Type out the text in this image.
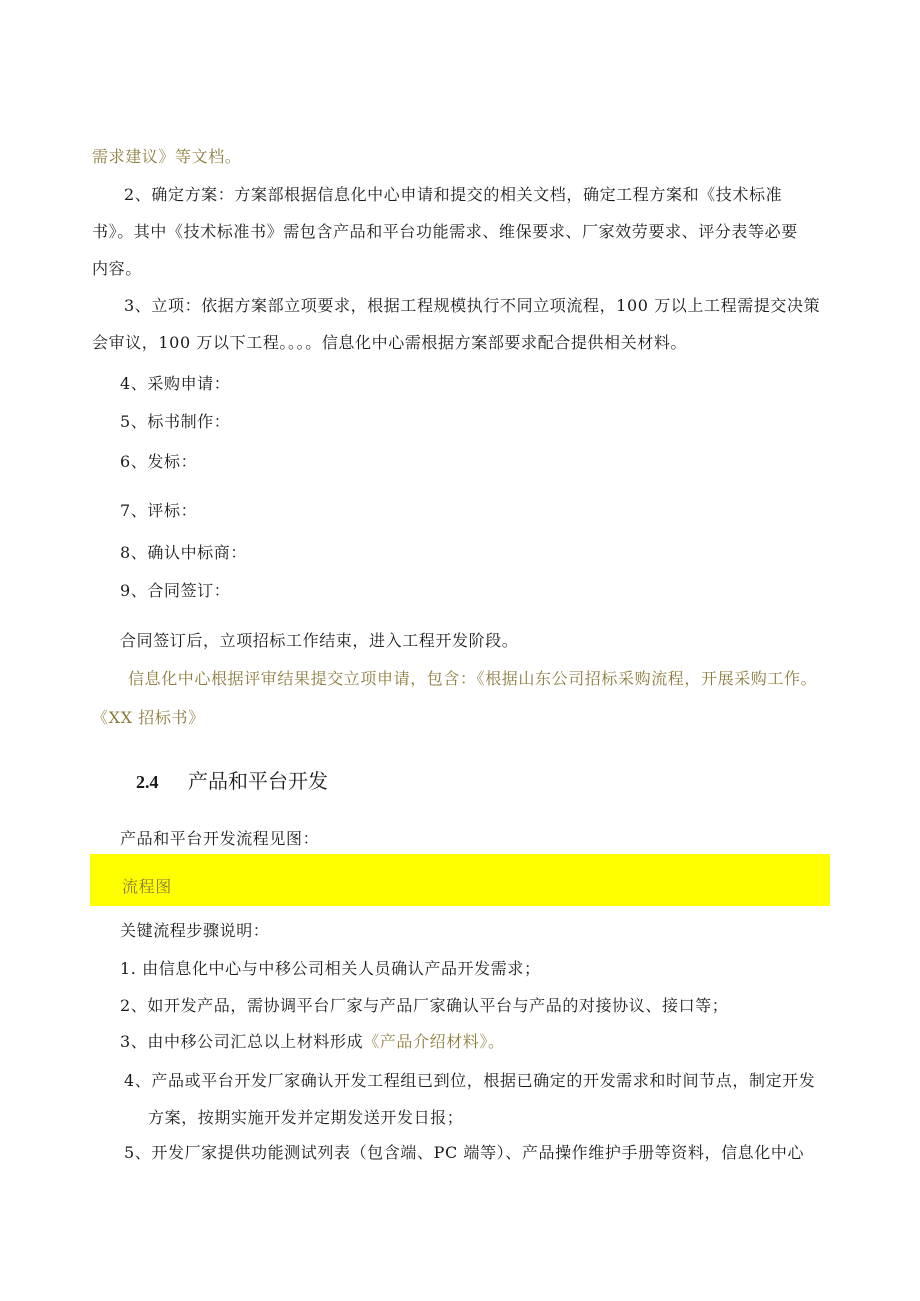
需求建议》等文档。
2、确定方案：方案部根据信息化中心申请和提交的相关文档，确定工程方案和《技术标准
书》。其中《技术标准书》需包含产品和平台功能需求、维保要求、厂家效劳要求、评分表等必要
内容。
3、立项：依据方案部立项要求，根据工程规模执行不同立项流程，100 万以上工程需提交决策
会审议，100 万以下工程。。。。信息化中心需根据方案部要求配合提供相关材料。
4、采购申请：
5、标书制作：
6、发标：
7、评标：
8、确认中标商：
9、合同签订：
合同签订后，立项招标工作结束，进入工程开发阶段。
信息化中心根据评审结果提交立项申请，包含：《根据山东公司招标采购流程，开展采购工作。
《XX 招标书》
2.4 产品和平台开发
产品和平台开发流程见图：
流程图
关键流程步骤说明：
1. 由信息化中心与中移公司相关人员确认产品开发需求；
2、如开发产品，需协调平台厂家与产品厂家确认平台与产品的对接协议、接口等；
3、由中移公司汇总以上材料形成《产品介绍材料》。
4、产品或平台开发厂家确认开发工程组已到位，根据已确定的开发需求和时间节点，制定开发
方案，按期实施开发并定期发送开发日报；
5、开发厂家提供功能测试列表（包含端、PC 端等）、产品操作维护手册等资料，信息化中心
